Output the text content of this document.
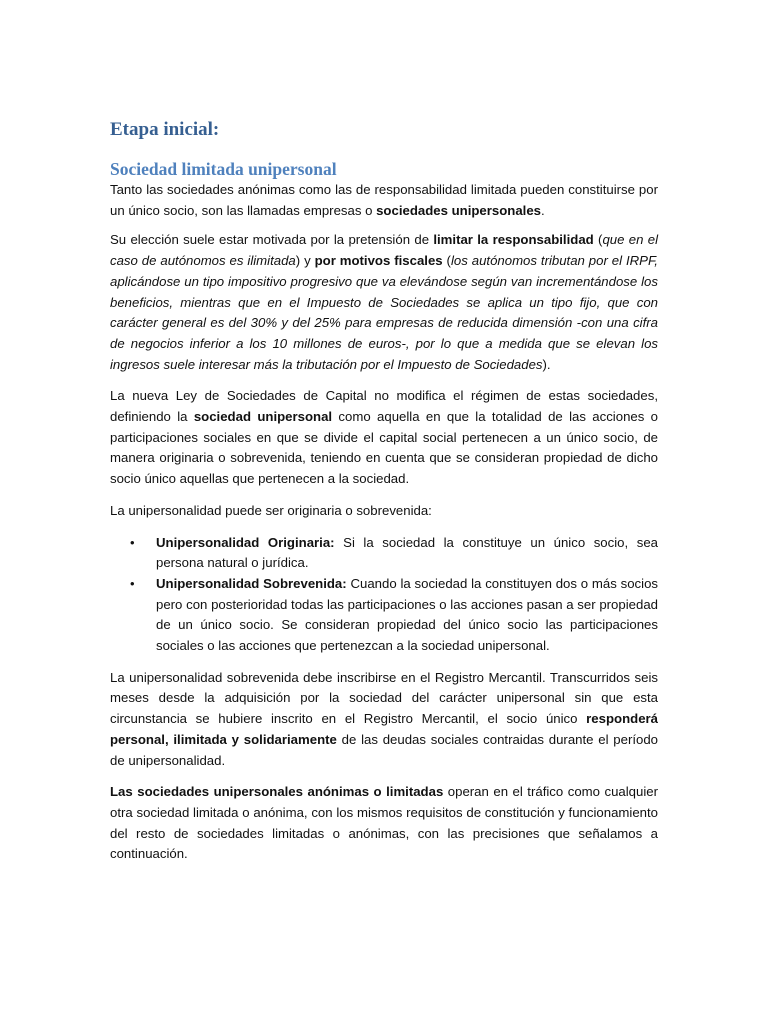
Etapa inicial:
Sociedad limitada unipersonal

Tanto las sociedades anónimas como las de responsabilidad limitada pueden constituirse por un único socio, son las llamadas empresas o sociedades unipersonales.

Su elección suele estar motivada por la pretensión de limitar la responsabilidad (que en el caso de autónomos es ilimitada) y por motivos fiscales (los autónomos tributan por el IRPF, aplicándose un tipo impositivo progresivo que va elevándose según van incrementándose los beneficios, mientras que en el Impuesto de Sociedades se aplica un tipo fijo, que con carácter general es del 30% y del 25% para empresas de reducida dimensión -con una cifra de negocios inferior a los 10 millones de euros-, por lo que a medida que se elevan los ingresos suele interesar más la tributación por el Impuesto de Sociedades).

La nueva Ley de Sociedades de Capital no modifica el régimen de estas sociedades, definiendo la sociedad unipersonal como aquella en que la totalidad de las acciones o participaciones sociales en que se divide el capital social pertenecen a un único socio, de manera originaria o sobrevenida, teniendo en cuenta que se consideran propiedad de dicho socio único aquellas que pertenecen a la sociedad.

La unipersonalidad puede ser originaria o sobrevenida:

• Unipersonalidad Originaria: Si la sociedad la constituye un único socio, sea persona natural o jurídica.
• Unipersonalidad Sobrevenida: Cuando la sociedad la constituyen dos o más socios pero con posterioridad todas las participaciones o las acciones pasan a ser propiedad de un único socio. Se consideran propiedad del único socio las participaciones sociales o las acciones que pertenezcan a la sociedad unipersonal.

La unipersonalidad sobrevenida debe inscribirse en el Registro Mercantil. Transcurridos seis meses desde la adquisición por la sociedad del carácter unipersonal sin que esta circunstancia se hubiere inscrito en el Registro Mercantil, el socio único responderá personal, ilimitada y solidariamente de las deudas sociales contraidas durante el período de unipersonalidad.

Las sociedades unipersonales anónimas o limitadas operan en el tráfico como cualquier otra sociedad limitada o anónima, con los mismos requisitos de constitución y funcionamiento del resto de sociedades limitadas o anónimas, con las precisiones que señalamos a continuación.
